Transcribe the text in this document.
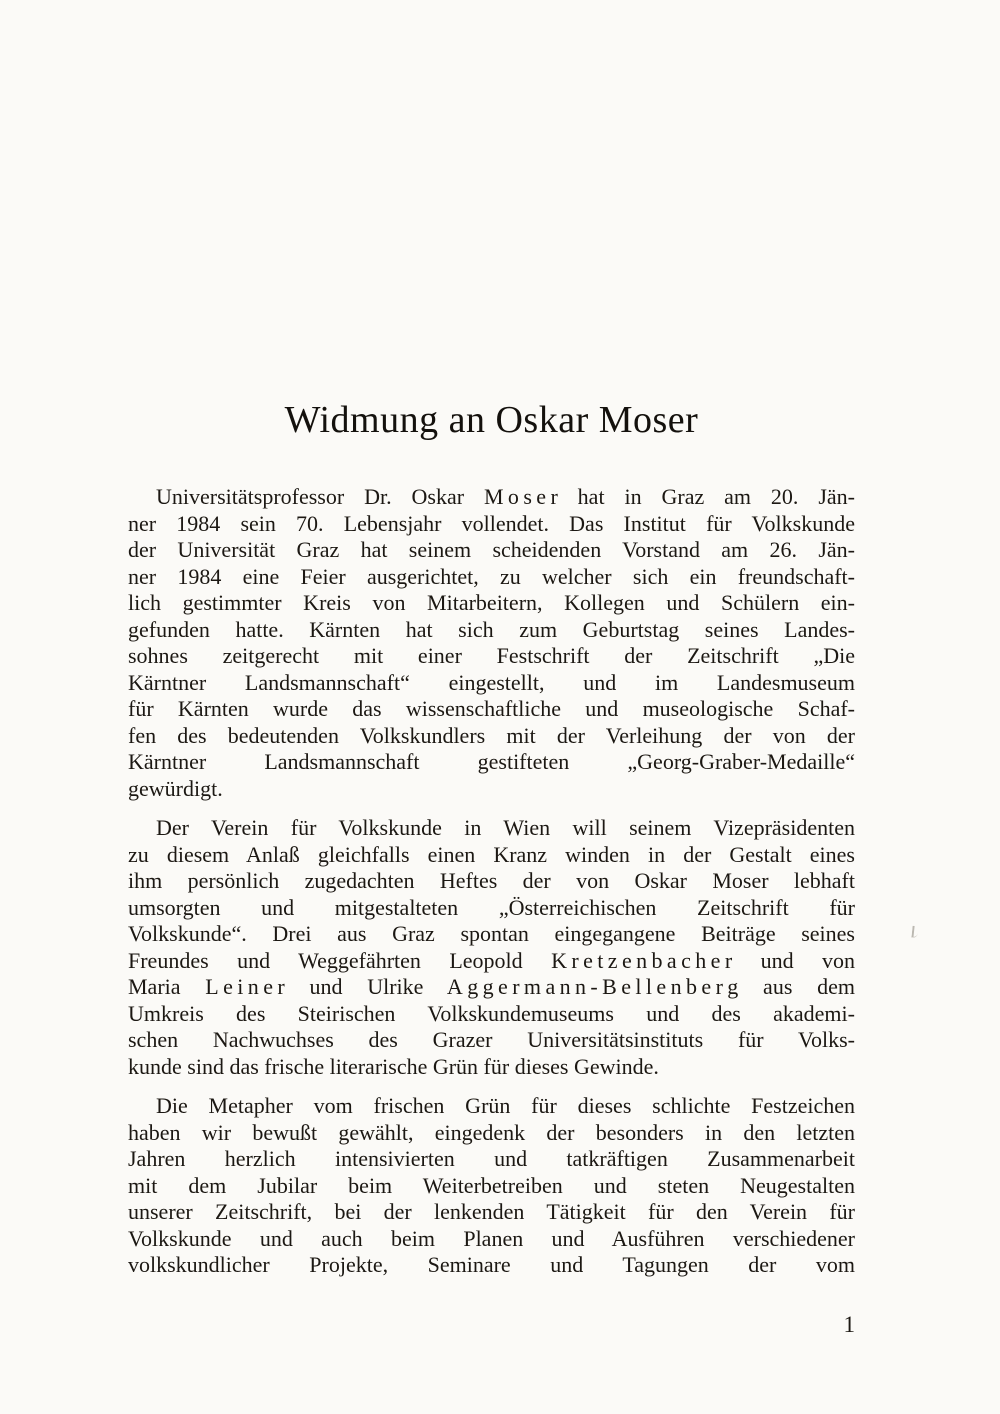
Widmung an Oskar Moser
Universitätsprofessor Dr. Oskar M o s e r hat in Graz am 20. Jän-
ner 1984 sein 70. Lebensjahr vollendet. Das Institut für Volkskunde
der Universität Graz hat seinem scheidenden Vorstand am 26. Jän-
ner 1984 eine Feier ausgerichtet, zu welcher sich ein freundschaft-
lich gestimmter Kreis von Mitarbeitern, Kollegen und Schülern ein-
gefunden hatte. Kärnten hat sich zum Geburtstag seines Landes-
sohnes zeitgerecht mit einer Festschrift der Zeitschrift „Die
Kärntner Landsmannschaft“ eingestellt, und im Landesmuseum
für Kärnten wurde das wissenschaftliche und museologische Schaf-
fen des bedeutenden Volkskundlers mit der Verleihung der von der
Kärntner Landsmannschaft gestifteten „Georg-Graber-Medaille“
gewürdigt.
Der Verein für Volkskunde in Wien will seinem Vizepräsidenten
zu diesem Anlaß gleichfalls einen Kranz winden in der Gestalt eines
ihm persönlich zugedachten Heftes der von Oskar Moser lebhaft
umsorgten und mitgestalteten „Österreichischen Zeitschrift für
Volkskunde“. Drei aus Graz spontan eingegangene Beiträge seines
Freundes und Weggefährten Leopold K r e t z e n b a c h e r und von
Maria L e i n e r und Ulrike A g g e r m a n n - B e l l e n b e r g aus dem
Umkreis des Steirischen Volkskundemuseums und des akademi-
schen Nachwuchses des Grazer Universitätsinstituts für Volks-
kunde sind das frische literarische Grün für dieses Gewinde.
Die Metapher vom frischen Grün für dieses schlichte Festzeichen
haben wir bewußt gewählt, eingedenk der besonders in den letzten
Jahren herzlich intensivierten und tatkräftigen Zusammenarbeit
mit dem Jubilar beim Weiterbetreiben und steten Neugestalten
unserer Zeitschrift, bei der lenkenden Tätigkeit für den Verein für
Volkskunde und auch beim Planen und Ausführen verschiedener
volkskundlicher Projekte, Seminare und Tagungen der vom
1
